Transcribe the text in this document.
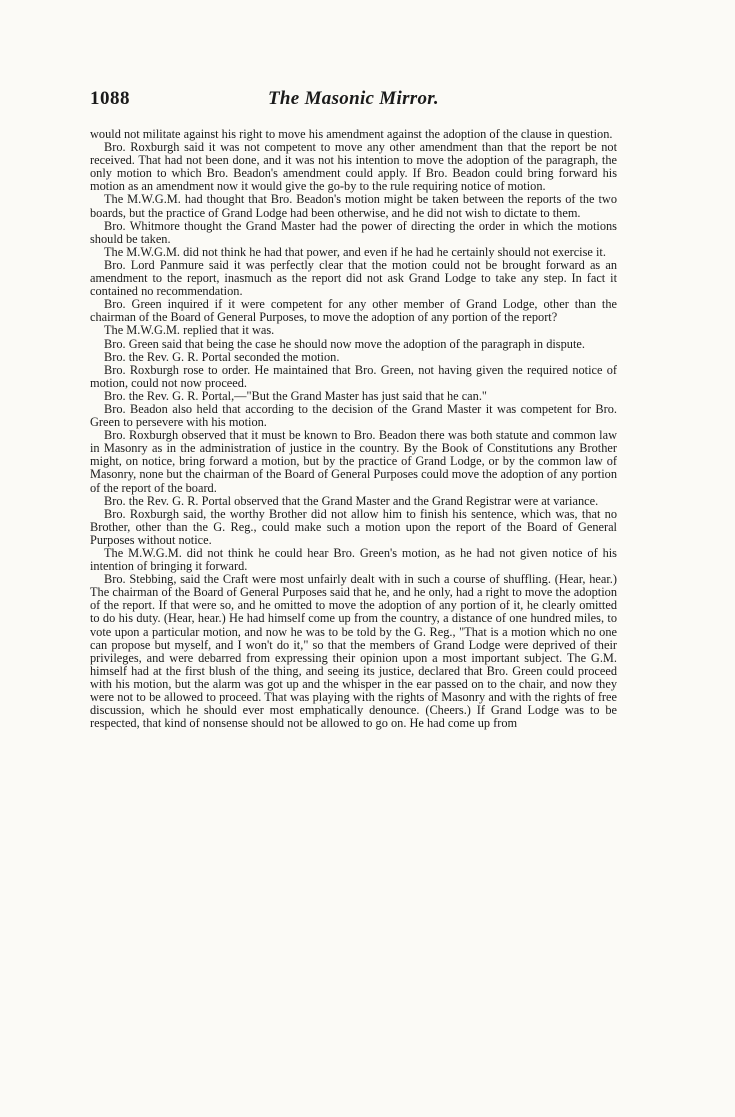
1088	The Masonic Mirror.

would not militate against his right to move his amendment against the adoption of the clause in question.

Bro. Roxburgh said it was not competent to move any other amendment than that the report be not received. That had not been done, and it was not his intention to move the adoption of the paragraph, the only motion to which Bro. Beadon's amendment could apply. If Bro. Beadon could bring forward his motion as an amendment now it would give the go-by to the rule requiring notice of motion.

The M.W.G.M. had thought that Bro. Beadon's motion might be taken between the reports of the two boards, but the practice of Grand Lodge had been otherwise, and he did not wish to dictate to them.

Bro. Whitmore thought the Grand Master had the power of directing the order in which the motions should be taken.

The M.W.G.M. did not think he had that power, and even if he had he certainly should not exercise it.

Bro. Lord Panmure said it was perfectly clear that the motion could not be brought forward as an amendment to the report, inasmuch as the report did not ask Grand Lodge to take any step. In fact it contained no recommendation.

Bro. Green inquired if it were competent for any other member of Grand Lodge, other than the chairman of the Board of General Purposes, to move the adoption of any portion of the report?

The M.W.G.M. replied that it was.

Bro. Green said that being the case he should now move the adoption of the paragraph in dispute.

Bro. the Rev. G. R. Portal seconded the motion.

Bro. Roxburgh rose to order. He maintained that Bro. Green, not having given the required notice of motion, could not now proceed.

Bro. the Rev. G. R. Portal,—"But the Grand Master has just said that he can."

Bro. Beadon also held that according to the decision of the Grand Master it was competent for Bro. Green to persevere with his motion.

Bro. Roxburgh observed that it must be known to Bro. Beadon there was both statute and common law in Masonry as in the administration of justice in the country. By the Book of Constitutions any Brother might, on notice, bring forward a motion, but by the practice of Grand Lodge, or by the common law of Masonry, none but the chairman of the Board of General Purposes could move the adoption of any portion of the report of the board.

Bro. the Rev. G. R. Portal observed that the Grand Master and the Grand Registrar were at variance.

Bro. Roxburgh said, the worthy Brother did not allow him to finish his sentence, which was, that no Brother, other than the G. Reg., could make such a motion upon the report of the Board of General Purposes without notice.

The M.W.G.M. did not think he could hear Bro. Green's motion, as he had not given notice of his intention of bringing it forward.

Bro. Stebbing, said the Craft were most unfairly dealt with in such a course of shuffling. (Hear, hear.) The chairman of the Board of General Purposes said that he, and he only, had a right to move the adoption of the report. If that were so, and he omitted to move the adoption of any portion of it, he clearly omitted to do his duty. (Hear, hear.) He had himself come up from the country, a distance of one hundred miles, to vote upon a particular motion, and now he was to be told by the G. Reg., "That is a motion which no one can propose but myself, and I won't do it," so that the members of Grand Lodge were deprived of their privileges, and were debarred from expressing their opinion upon a most important subject. The G.M. himself had at the first blush of the thing, and seeing its justice, declared that Bro. Green could proceed with his motion, but the alarm was got up and the whisper in the ear passed on to the chair, and now they were not to be allowed to proceed. That was playing with the rights of Masonry and with the rights of free discussion, which he should ever most emphatically denounce. (Cheers.) If Grand Lodge was to be respected, that kind of nonsense should not be allowed to go on. He had come up from
